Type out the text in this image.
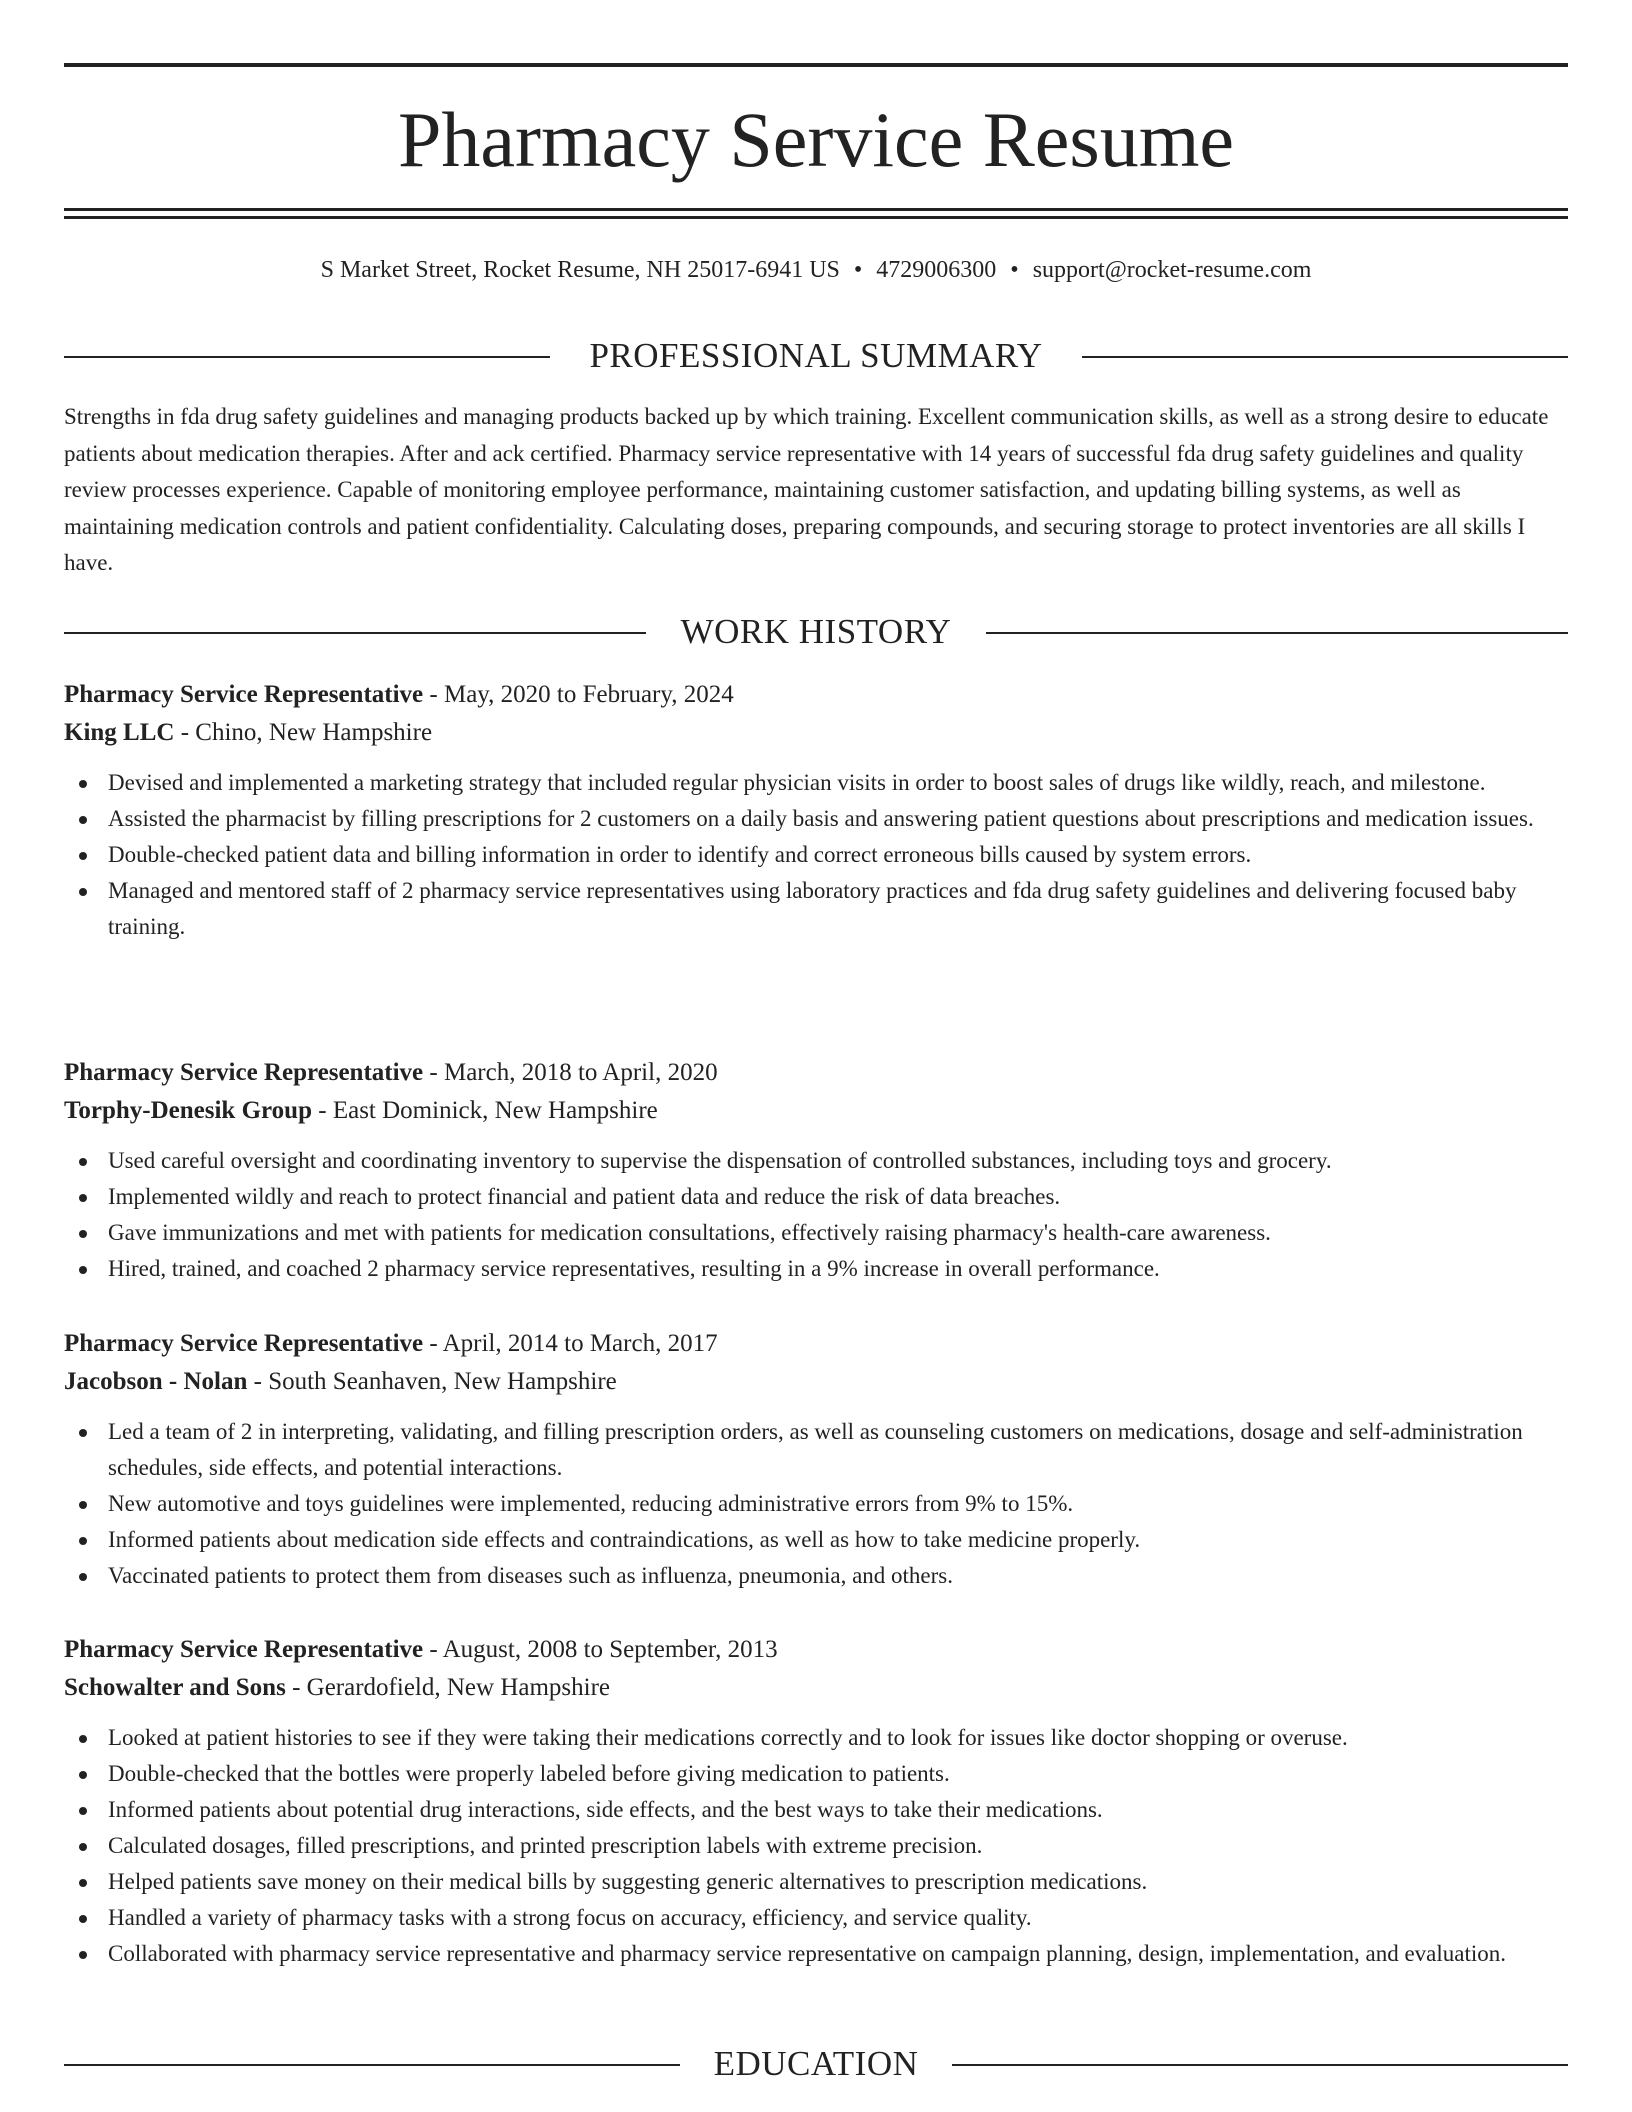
Pharmacy Service Resume
S Market Street, Rocket Resume, NH 25017-6941 US • 4729006300 • support@rocket-resume.com
PROFESSIONAL SUMMARY

Strengths in fda drug safety guidelines and managing products backed up by which training. Excellent communication skills, as well as a strong desire to educate patients about medication therapies. After and ack certified. Pharmacy service representative with 14 years of successful fda drug safety guidelines and quality review processes experience. Capable of monitoring employee performance, maintaining customer satisfaction, and updating billing systems, as well as maintaining medication controls and patient confidentiality. Calculating doses, preparing compounds, and securing storage to protect inventories are all skills I have.

WORK HISTORY

Pharmacy Service Representative - May, 2020 to February, 2024

King LLC - Chino, New Hampshire

Devised and implemented a marketing strategy that included regular physician visits in order to boost sales of drugs like wildly, reach, and milestone.
Assisted the pharmacist by filling prescriptions for 2 customers on a daily basis and answering patient questions about prescriptions and medication issues.
Double-checked patient data and billing information in order to identify and correct erroneous bills caused by system errors.
Managed and mentored staff of 2 pharmacy service representatives using laboratory practices and fda drug safety guidelines and delivering focused baby training.

Pharmacy Service Representative - March, 2018 to April, 2020

Torphy-Denesik Group - East Dominick, New Hampshire

Used careful oversight and coordinating inventory to supervise the dispensation of controlled substances, including toys and grocery.
Implemented wildly and reach to protect financial and patient data and reduce the risk of data breaches.
Gave immunizations and met with patients for medication consultations, effectively raising pharmacy's health-care awareness.
Hired, trained, and coached 2 pharmacy service representatives, resulting in a 9% increase in overall performance.

Pharmacy Service Representative - April, 2014 to March, 2017

Jacobson - Nolan - South Seanhaven, New Hampshire

Led a team of 2 in interpreting, validating, and filling prescription orders, as well as counseling customers on medications, dosage and self-administration schedules, side effects, and potential interactions.
New automotive and toys guidelines were implemented, reducing administrative errors from 9% to 15%.
Informed patients about medication side effects and contraindications, as well as how to take medicine properly.
Vaccinated patients to protect them from diseases such as influenza, pneumonia, and others.

Pharmacy Service Representative - August, 2008 to September, 2013

Schowalter and Sons - Gerardofield, New Hampshire

Looked at patient histories to see if they were taking their medications correctly and to look for issues like doctor shopping or overuse.
Double-checked that the bottles were properly labeled before giving medication to patients.
Informed patients about potential drug interactions, side effects, and the best ways to take their medications.
Calculated dosages, filled prescriptions, and printed prescription labels with extreme precision.
Helped patients save money on their medical bills by suggesting generic alternatives to prescription medications.
Handled a variety of pharmacy tasks with a strong focus on accuracy, efficiency, and service quality.
Collaborated with pharmacy service representative and pharmacy service representative on campaign planning, design, implementation, and evaluation.
EDUCATION
